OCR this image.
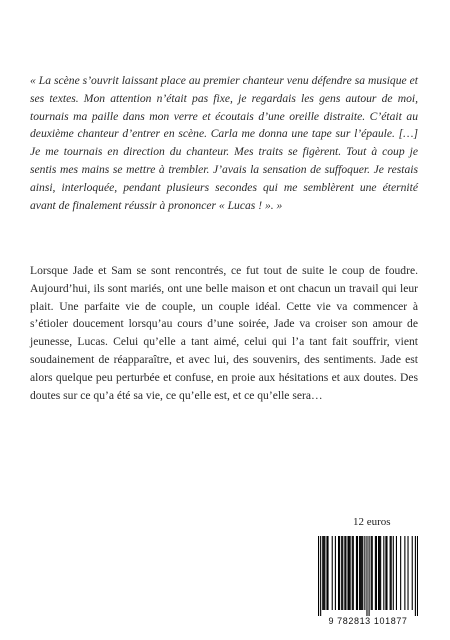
« La scène s’ouvrit laissant place au premier chanteur venu défendre sa musique et ses textes. Mon attention n’était pas fixe, je regardais les gens autour de moi, tournais ma paille dans mon verre et écoutais d’une oreille distraite. C’était au deuxième chanteur d’entrer en scène. Carla me donna une tape sur l’épaule. […] Je me tournais en direction du chanteur. Mes traits se figèrent. Tout à coup je sentis mes mains se mettre à trembler. J’avais la sensation de suffoquer. Je restais ainsi, interloquée, pendant plusieurs secondes qui me semblèrent une éternité avant de finalement réussir à prononcer « Lucas ! ». »

Lorsque Jade et Sam se sont rencontrés, ce fut tout de suite le coup de foudre. Aujourd’hui, ils sont mariés, ont une belle maison et ont chacun un travail qui leur plait. Une parfaite vie de couple, un couple idéal. Cette vie va commencer à s’étioler doucement lorsqu’au cours d’une soirée, Jade va croiser son amour de jeunesse, Lucas. Celui qu’elle a tant aimé, celui qui l’a tant fait souffrir, vient soudainement de réapparaître, et avec lui, des souvenirs, des sentiments. Jade est alors quelque peu perturbée et confuse, en proie aux hésitations et aux doutes. Des doutes sur ce qu’a été sa vie, ce qu’elle est, et ce qu’elle sera…

12 euros

9 782813 101877
